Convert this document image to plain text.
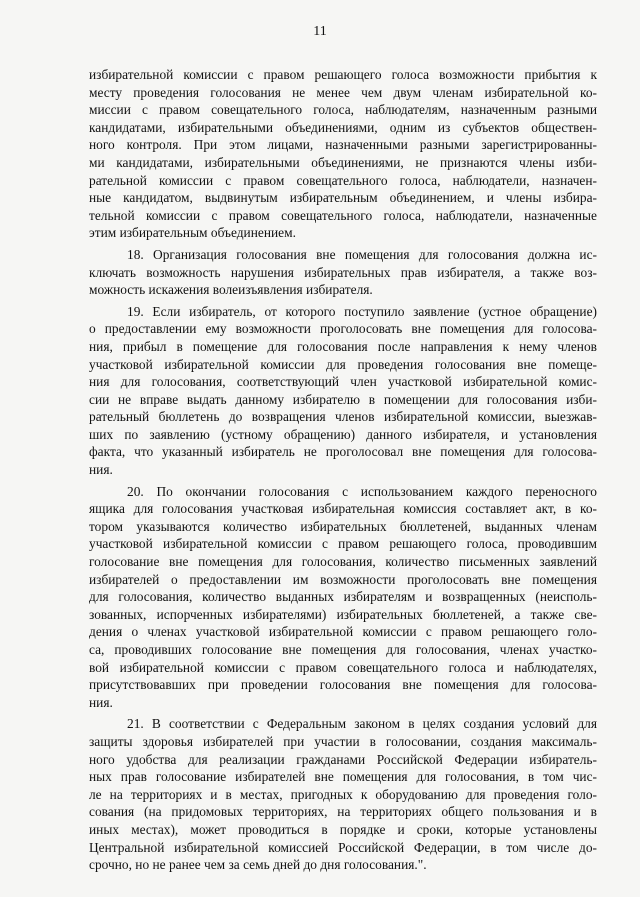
11
избирательной комиссии с правом решающего голоса возможности прибытия к
месту проведения голосования не менее чем двум членам избирательной ко-
миссии с правом совещательного голоса, наблюдателям, назначенным разными
кандидатами, избирательными объединениями, одним из субъектов обществен-
ного контроля. При этом лицами, назначенными разными зарегистрированны-
ми кандидатами, избирательными объединениями, не признаются члены изби-
рательной комиссии с правом совещательного голоса, наблюдатели, назначен-
ные кандидатом, выдвинутым избирательным объединением, и члены избира-
тельной комиссии с правом совещательного голоса, наблюдатели, назначенные
этим избирательным объединением.
18. Организация голосования вне помещения для голосования должна ис-
ключать возможность нарушения избирательных прав избирателя, а также воз-
можность искажения волеизъявления избирателя.
19. Если избиратель, от которого поступило заявление (устное обращение)
о предоставлении ему возможности проголосовать вне помещения для голосова-
ния, прибыл в помещение для голосования после направления к нему членов
участковой избирательной комиссии для проведения голосования вне помеще-
ния для голосования, соответствующий член участковой избирательной комис-
сии не вправе выдать данному избирателю в помещении для голосования изби-
рательный бюллетень до возвращения членов избирательной комиссии, выезжав-
ших по заявлению (устному обращению) данного избирателя, и установления
факта, что указанный избиратель не проголосовал вне помещения для голосова-
ния.
20. По окончании голосования с использованием каждого переносного
ящика для голосования участковая избирательная комиссия составляет акт, в ко-
тором указываются количество избирательных бюллетеней, выданных членам
участковой избирательной комиссии с правом решающего голоса, проводившим
голосование вне помещения для голосования, количество письменных заявлений
избирателей о предоставлении им возможности проголосовать вне помещения
для голосования, количество выданных избирателям и возвращенных (неисполь-
зованных, испорченных избирателями) избирательных бюллетеней, а также све-
дения о членах участковой избирательной комиссии с правом решающего голо-
са, проводивших голосование вне помещения для голосования, членах участко-
вой избирательной комиссии с правом совещательного голоса и наблюдателях,
присутствовавших при проведении голосования вне помещения для голосова-
ния.
21. В соответствии с Федеральным законом в целях создания условий для
защиты здоровья избирателей при участии в голосовании, создания максималь-
ного удобства для реализации гражданами Российской Федерации избиратель-
ных прав голосование избирателей вне помещения для голосования, в том чис-
ле на территориях и в местах, пригодных к оборудованию для проведения голо-
сования (на придомовых территориях, на территориях общего пользования и в
иных местах), может проводиться в порядке и сроки, которые установлены
Центральной избирательной комиссией Российской Федерации, в том числе до-
срочно, но не ранее чем за семь дней до дня голосования.".
